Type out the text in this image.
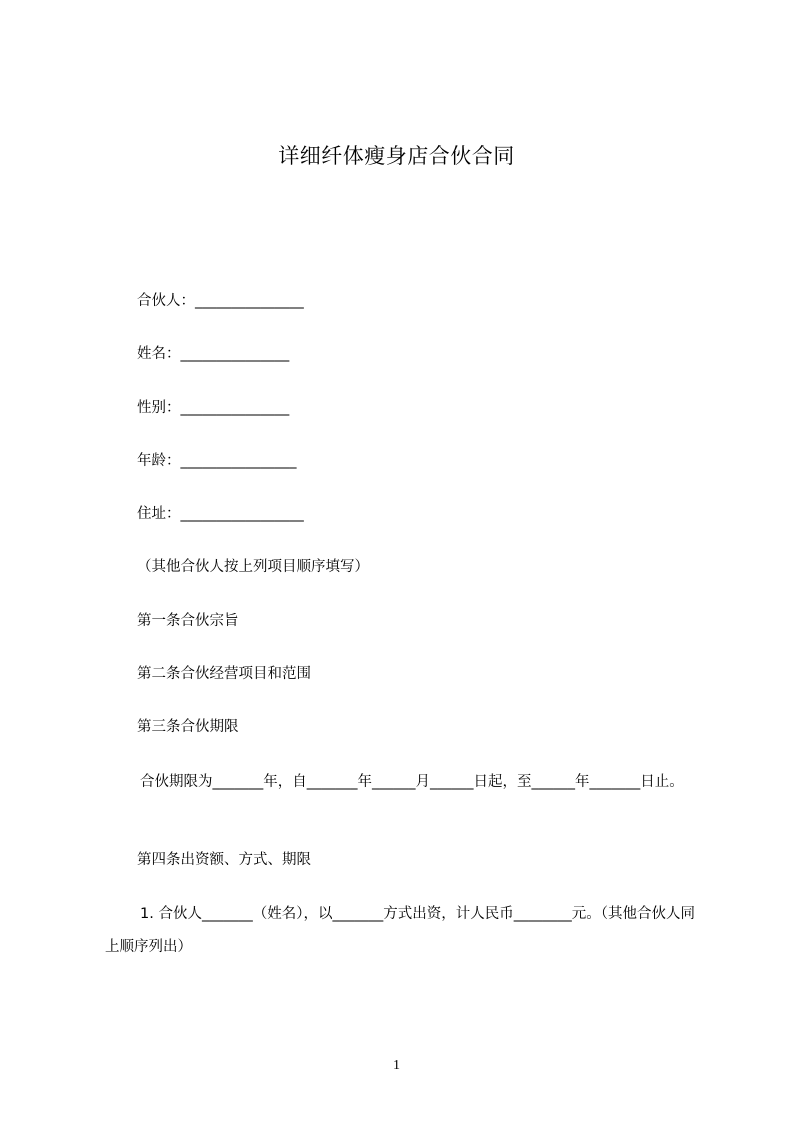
详细纤体瘦身店合伙合同
合伙人：_______________
姓名：_______________
性别：_______________
年龄：________________
住址：_________________
（其他合伙人按上列项目顺序填写）
第一条合伙宗旨
第二条合伙经营项目和范围
第三条合伙期限
合伙期限为_______年，自_______年______月______日起，至______年_______日止。
第四条出资额、方式、期限
1. 合伙人_______（姓名），以_______方式出资，计人民币________元。（其他合伙人同上顺序列出）
1
